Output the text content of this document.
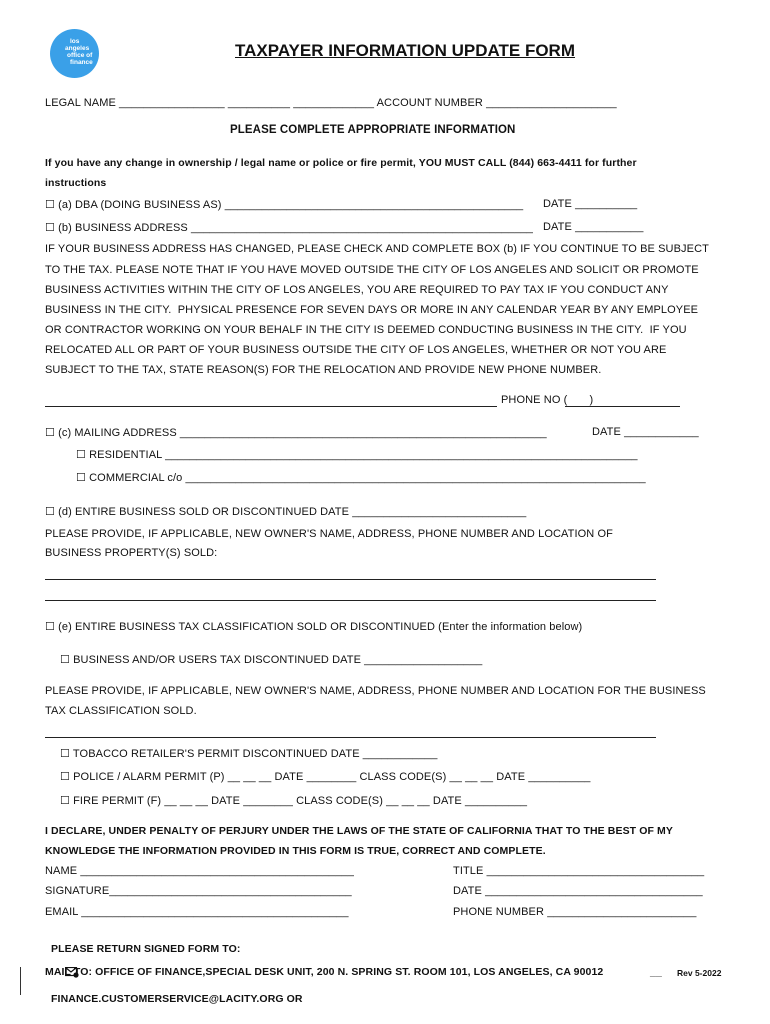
los
angeles
office of
finance
TAXPAYER INFORMATION UPDATE FORM
LEGAL NAME _________________ __________ _____________ ACCOUNT NUMBER _____________________
PLEASE COMPLETE APPROPRIATE INFORMATION
If you have any change in ownership / legal name or police or fire permit, YOU MUST CALL (844) 663-4411 for further
instructions
☐ (a) DBA (DOING BUSINESS AS) ________________________________________________ DATE __________
☐ (b) BUSINESS ADDRESS _______________________________________________________ DATE ___________
IF YOUR BUSINESS ADDRESS HAS CHANGED, PLEASE CHECK AND COMPLETE BOX (b) IF YOU CONTINUE TO BE SUBJECT
TO THE TAX. PLEASE NOTE THAT IF YOU HAVE MOVED OUTSIDE THE CITY OF LOS ANGELES AND SOLICIT OR PROMOTE
BUSINESS ACTIVITIES WITHIN THE CITY OF LOS ANGELES, YOU ARE REQUIRED TO PAY TAX IF YOU CONDUCT ANY
BUSINESS IN THE CITY.  PHYSICAL PRESENCE FOR SEVEN DAYS OR MORE IN ANY CALENDAR YEAR BY ANY EMPLOYEE
OR CONTRACTOR WORKING ON YOUR BEHALF IN THE CITY IS DEEMED CONDUCTING BUSINESS IN THE CITY.  IF YOU
RELOCATED ALL OR PART OF YOUR BUSINESS OUTSIDE THE CITY OF LOS ANGELES, WHETHER OR NOT YOU ARE
SUBJECT TO THE TAX, STATE REASON(S) FOR THE RELOCATION AND PROVIDE NEW PHONE NUMBER.
PHONE NO (       )
☐ (c) MAILING ADDRESS ___________________________________________________________	DATE ____________
☐ RESIDENTIAL ____________________________________________________________________________
☐ COMMERCIAL c/o __________________________________________________________________________
☐ (d) ENTIRE BUSINESS SOLD OR DISCONTINUED DATE ____________________________
PLEASE PROVIDE, IF APPLICABLE, NEW OWNER'S NAME, ADDRESS, PHONE NUMBER AND LOCATION OF
BUSINESS PROPERTY(S) SOLD:
☐ (e) ENTIRE BUSINESS TAX CLASSIFICATION SOLD OR DISCONTINUED (Enter the information below)
☐ BUSINESS AND/OR USERS TAX DISCONTINUED DATE ___________________
PLEASE PROVIDE, IF APPLICABLE, NEW OWNER'S NAME, ADDRESS, PHONE NUMBER AND LOCATION FOR THE BUSINESS
TAX CLASSIFICATION SOLD.
☐ TOBACCO RETAILER'S PERMIT DISCONTINUED DATE ____________
☐ POLICE / ALARM PERMIT (P) __ __ __ DATE ________ CLASS CODE(S) __ __ __ DATE __________
☐ FIRE PERMIT (F) __ __ __ DATE ________ CLASS CODE(S) __ __ __ DATE __________
I DECLARE, UNDER PENALTY OF PERJURY UNDER THE LAWS OF THE STATE OF CALIFORNIA THAT TO THE BEST OF MY
KNOWLEDGE THE INFORMATION PROVIDED IN THIS FORM IS TRUE, CORRECT AND COMPLETE.
NAME ____________________________________________	TITLE ___________________________________
SIGNATURE_______________________________________	DATE ___________________________________
EMAIL ___________________________________________	PHONE NUMBER ________________________

PLEASE RETURN SIGNED FORM TO:

FINANCE.CUSTOMERSERVICE@LACITY.ORG OR

MAIL TO: OFFICE OF FINANCE,SPECIAL DESK UNIT, 200 N. SPRING ST. ROOM 101, LOS ANGELES, CA 90012	__ Rev 5-2022
